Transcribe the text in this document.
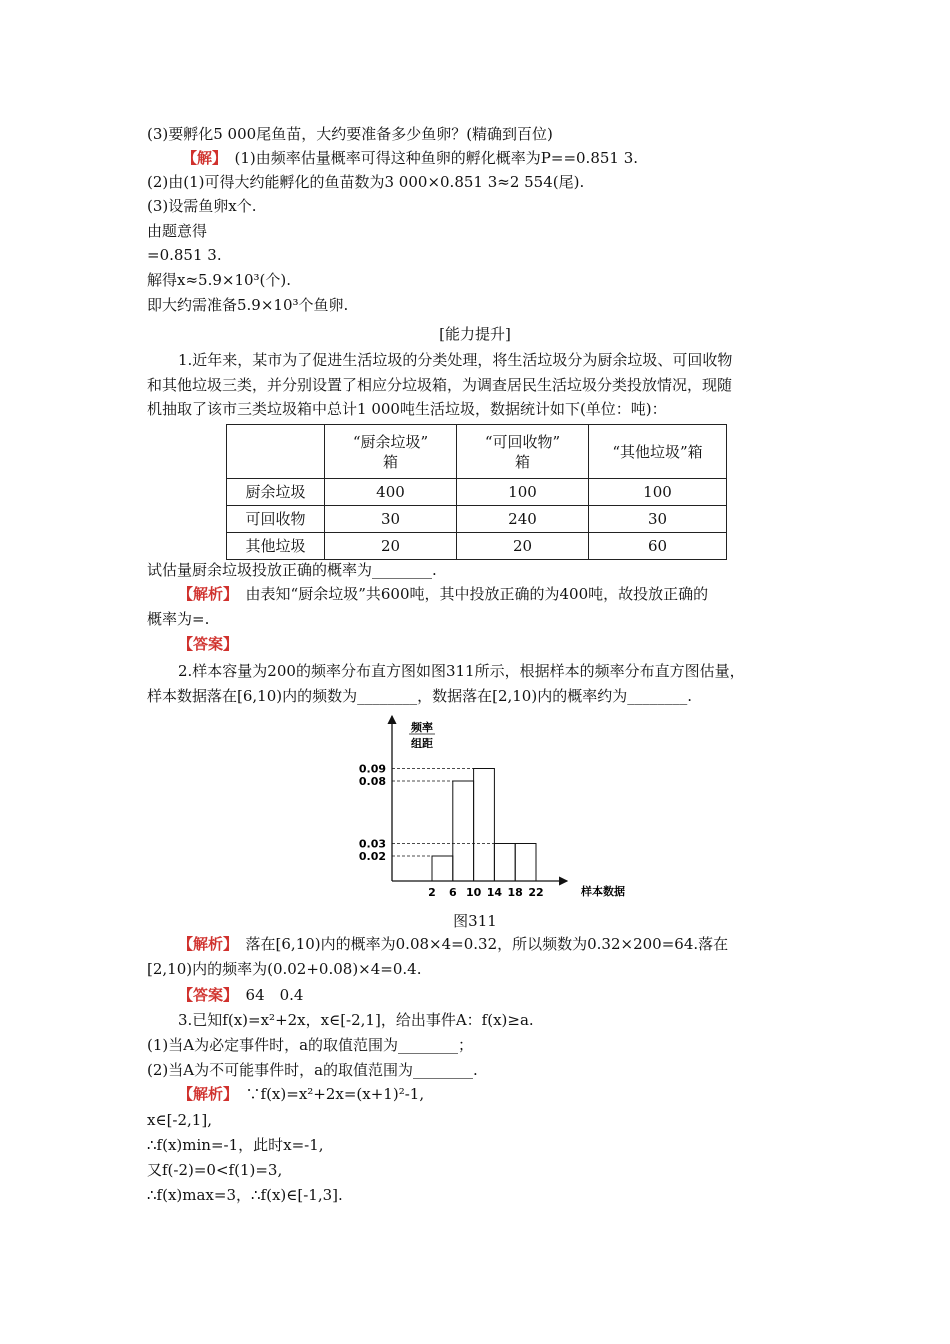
(3)要孵化5 000尾鱼苗，大约要准备多少鱼卵？(精确到百位)
【解】　 (1)由频率估量概率可得这种鱼卵的孵化概率为P==0.851 3.
(2)由(1)可得大约能孵化的鱼苗数为3 000×0.851 3≈2 554(尾).
(3)设需鱼卵x个.
由题意得
=0.851 3.
解得x≈5.9×10³(个).
即大约需准备5.9×10³个鱼卵.
[能力提升]
1.近年来，某市为了促进生活垃圾的分类处理，将生活垃圾分为厨余垃圾、可回收物
和其他垃圾三类，并分别设置了相应分垃圾箱，为调查居民生活垃圾分类投放情况，现随
机抽取了该市三类垃圾箱中总计1 000吨生活垃圾，数据统计如下(单位：吨)：
	“厨余垃圾”
箱	“可回收物”
箱	“其他垃圾”箱
厨余垃圾	400	100	100
可回收物	30	240	30
其他垃圾	20	20	60
试估量厨余垃圾投放正确的概率为________.
【解析】　 由表知“厨余垃圾”共600吨，其中投放正确的为400吨，故投放正确的
概率为=.
【答案】
2.样本容量为200的频率分布直方图如图311所示，根据样本的频率分布直方图估量，
样本数据落在[6,10)内的频数为________，数据落在[2,10)内的概率约为________.
频率
组距
样本数据
0.09
0.08
0.03
0.02
2 6 10 14 18 22
图311
【解析】　 落在[6,10)内的概率为0.08×4=0.32，所以频数为0.32×200=64.落在
[2,10)内的频率为(0.02+0.08)×4=0.4.
【答案】　 64　0.4
3.已知f(x)=x²+2x，x∈[-2,1]，给出事件A：f(x)≥a.
(1)当A为必定事件时，a的取值范围为________；
(2)当A为不可能事件时，a的取值范围为________.
【解析】　 ∵f(x)=x²+2x=(x+1)²-1,
x∈[-2,1],
∴f(x)min=-1，此时x=-1,
又f(-2)=0<f(1)=3,
∴f(x)max=3，∴f(x)∈[-1,3].
